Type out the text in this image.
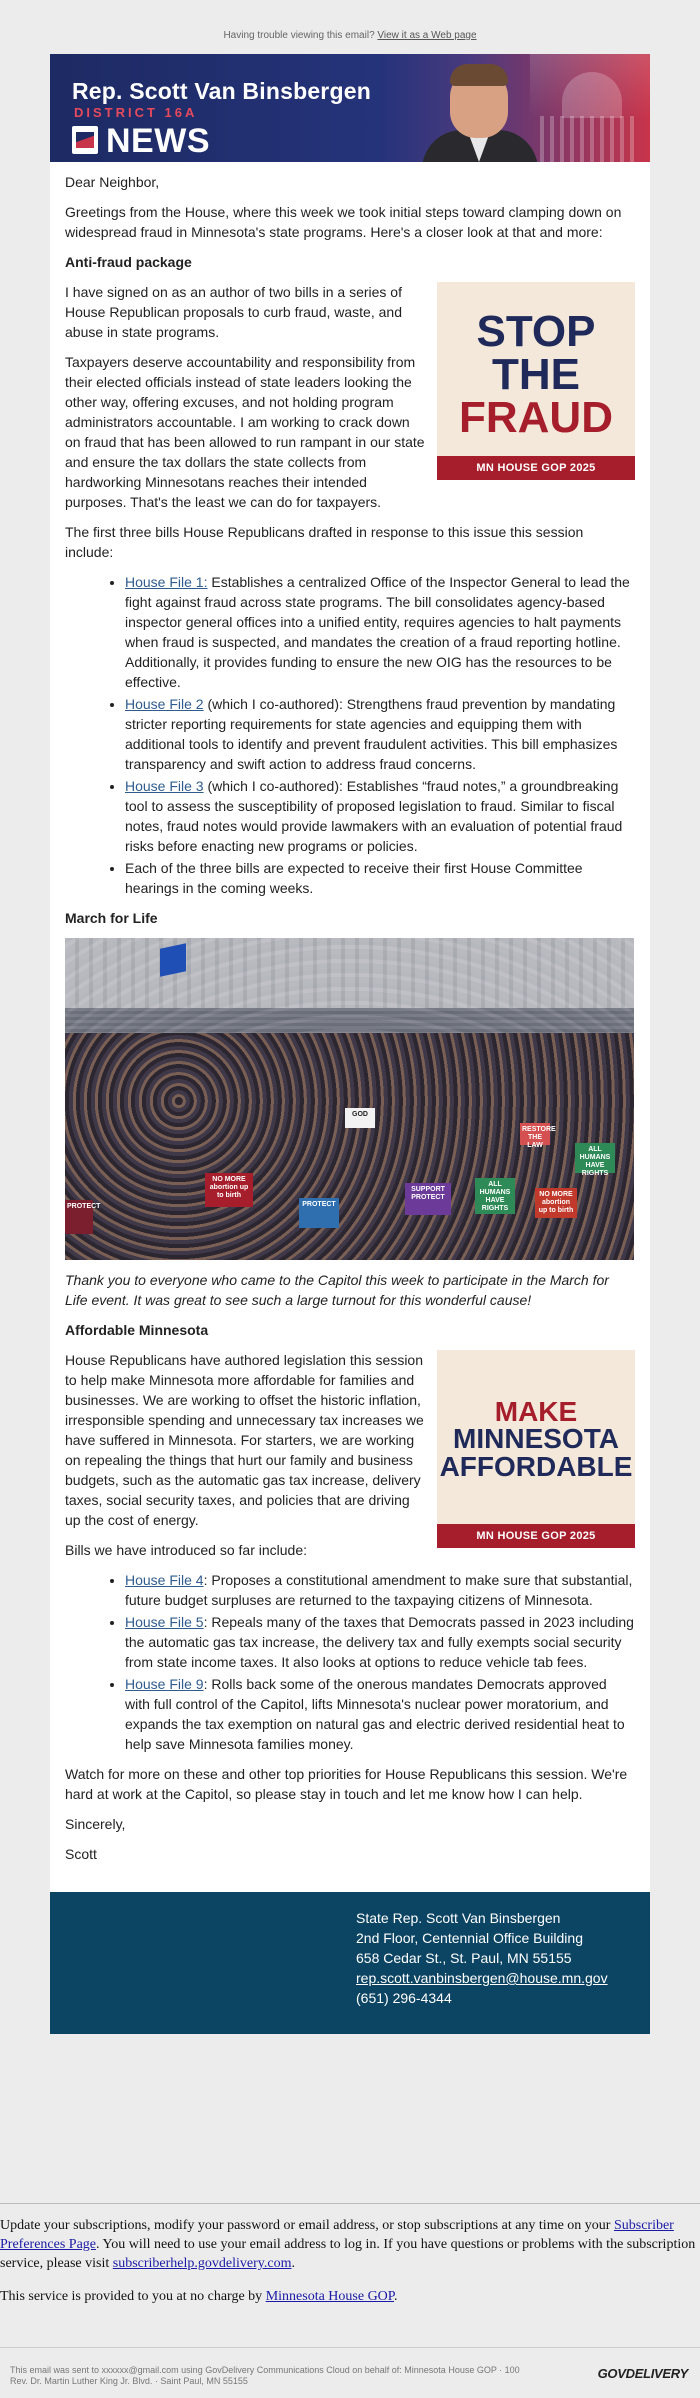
Having trouble viewing this email? View it as a Web page
Rep. Scott Van Binsbergen
DISTRICT 16A
NEWS

Dear Neighbor,

Greetings from the House, where this week we took initial steps toward clamping down on widespread fraud in Minnesota's state programs. Here's a closer look at that and more:

Anti-fraud package
STOP
THE
FRAUD
MN HOUSE GOP 2025

I have signed on as an author of two bills in a series of House Republican proposals to curb fraud, waste, and abuse in state programs.

Taxpayers deserve accountability and responsibility from their elected officials instead of state leaders looking the other way, offering excuses, and not holding program administrators accountable. I am working to crack down on fraud that has been allowed to run rampant in our state and ensure the tax dollars the state collects from hardworking Minnesotans reaches their intended purposes. That's the least we can do for taxpayers.

The first three bills House Republicans drafted in response to this issue this session include:

• House File 1: Establishes a centralized Office of the Inspector General to lead the fight against fraud across state programs. The bill consolidates agency-based inspector general offices into a unified entity, requires agencies to halt payments when fraud is suspected, and mandates the creation of a fraud reporting hotline. Additionally, it provides funding to ensure the new OIG has the resources to be effective.
• House File 2 (which I co-authored): Strengthens fraud prevention by mandating stricter reporting requirements for state agencies and equipping them with additional tools to identify and prevent fraudulent activities. This bill emphasizes transparency and swift action to address fraud concerns.
• House File 3 (which I co-authored): Establishes “fraud notes,” a groundbreaking tool to assess the susceptibility of proposed legislation to fraud. Similar to fiscal notes, fraud notes would provide lawmakers with an evaluation of potential fraud risks before enacting new programs or policies.
• Each of the three bills are expected to receive their first House Committee hearings in the coming weeks.
March for Life
NO MORE abortion up to birth
PROTECT
SUPPORT PROTECT
ALL HUMANS HAVE RIGHTS
NO MORE abortion up to birth
ALL HUMANS HAVE RIGHTS
PROTECT
GOD
RESTORE THE LAW

Thank you to everyone who came to the Capitol this week to participate in the March for Life event. It was great to see such a large turnout for this wonderful cause!

Affordable Minnesota
MAKE
MINNESOTA
AFFORDABLE
MN HOUSE GOP 2025

House Republicans have authored legislation this session to help make Minnesota more affordable for families and businesses. We are working to offset the historic inflation, irresponsible spending and unnecessary tax increases we have suffered in Minnesota. For starters, we are working on repealing the things that hurt our family and business budgets, such as the automatic gas tax increase, delivery taxes, social security taxes, and policies that are driving up the cost of energy.

Bills we have introduced so far include:

• House File 4: Proposes a constitutional amendment to make sure that substantial, future budget surpluses are returned to the taxpaying citizens of Minnesota.
• House File 5: Repeals many of the taxes that Democrats passed in 2023 including the automatic gas tax increase, the delivery tax and fully exempts social security from state income taxes. It also looks at options to reduce vehicle tab fees.
• House File 9: Rolls back some of the onerous mandates Democrats approved with full control of the Capitol, lifts Minnesota's nuclear power moratorium, and expands the tax exemption on natural gas and electric derived residential heat to help save Minnesota families money.

Watch for more on these and other top priorities for House Republicans this session. We're hard at work at the Capitol, so please stay in touch and let me know how I can help.

Sincerely,

Scott

State Rep. Scott Van Binsbergen
2nd Floor, Centennial Office Building
658 Cedar St., St. Paul, MN 55155
rep.scott.vanbinsbergen@house.mn.gov
(651) 296-4344

Update your subscriptions, modify your password or email address, or stop subscriptions at any time on your Subscriber Preferences Page. You will need to use your email address to log in. If you have questions or problems with the subscription service, please visit subscriberhelp.govdelivery.com.

This service is provided to you at no charge by Minnesota House GOP.

This email was sent to xxxxxx@gmail.com using GovDelivery Communications Cloud on behalf of: Minnesota House GOP · 100
Rev. Dr. Martin Luther King Jr. Blvd. · Saint Paul, MN 55155	GOVDELIVERY
